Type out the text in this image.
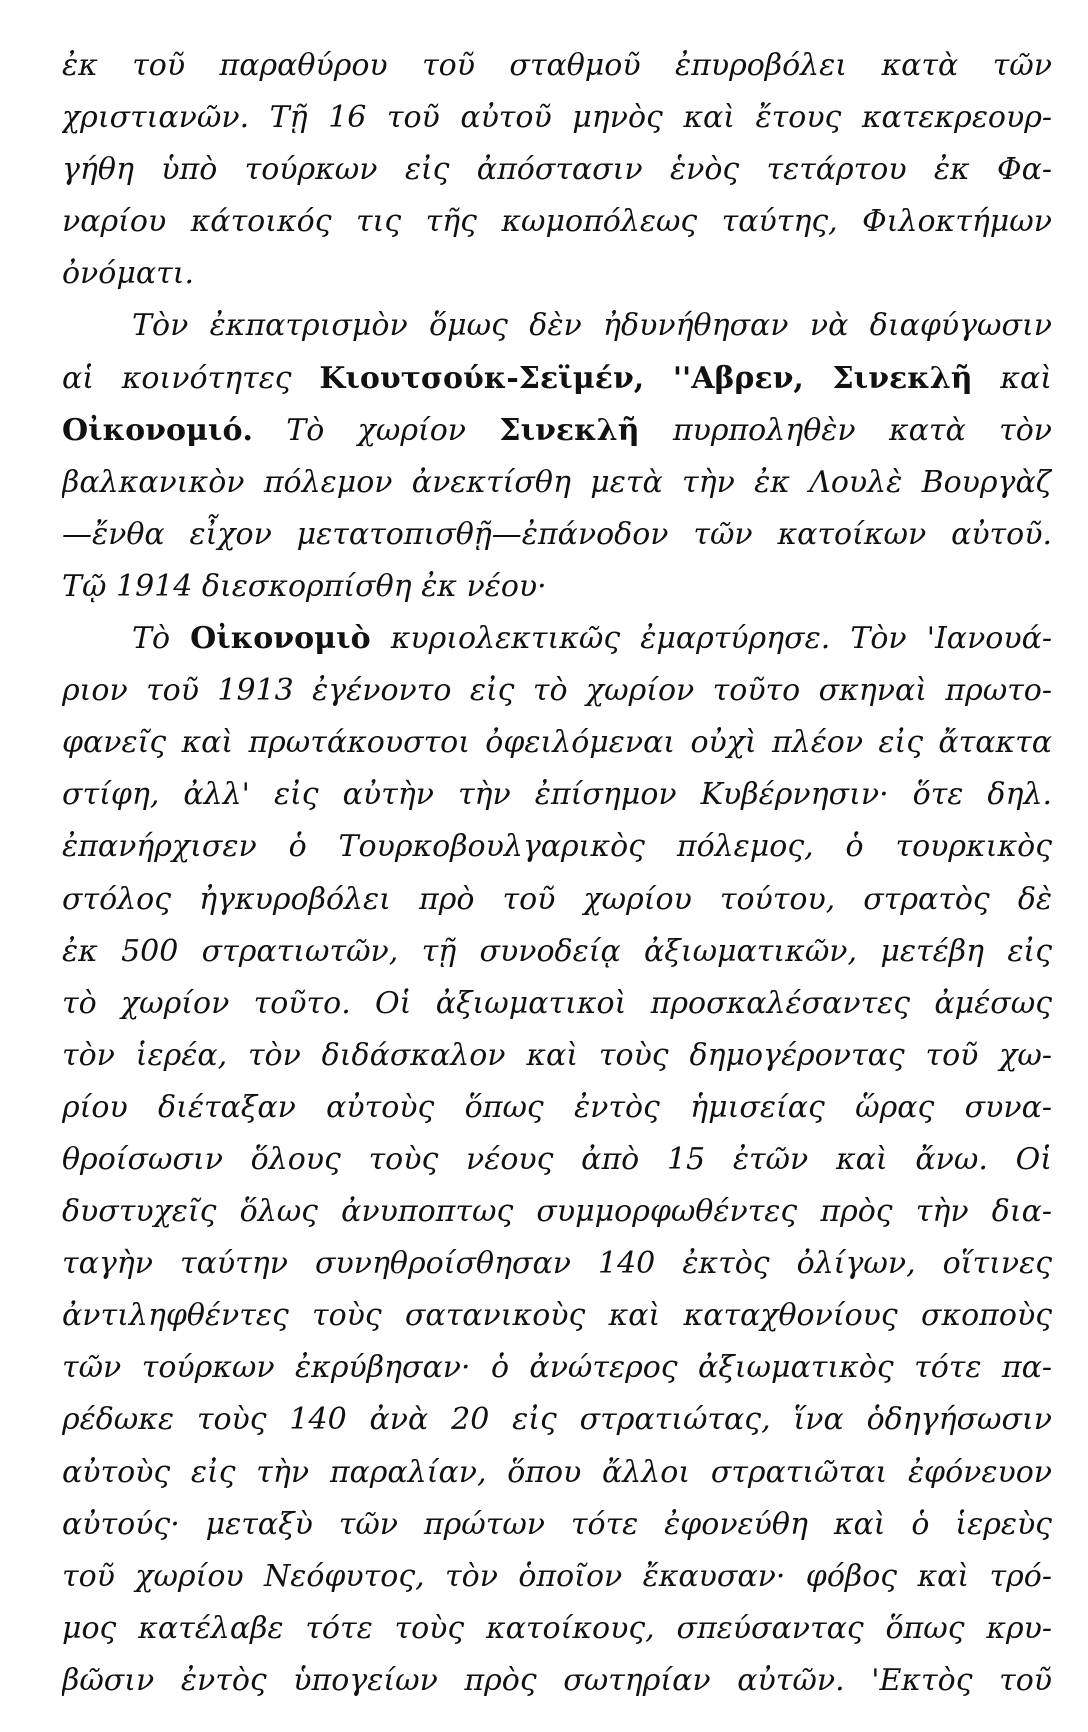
ἐκ τοῦ παραθύρου τοῦ σταθμοῦ ἐπυροβόλει κατὰ τῶν
χριστιανῶν. Τῇ 16 τοῦ αὐτοῦ μηνὸς καὶ ἔτους κατεκρεουρ-
γήθη ὑπὸ τούρκων εἰς ἀπόστασιν ἑνὸς τετάρτου ἐκ Φα-
ναρίου κάτοικός τις τῆς κωμοπόλεως ταύτης, Φιλοκτήμων
ὀνόματι.
Τὸν ἐκπατρισμὸν ὅμως δὲν ἠδυνήθησαν νὰ διαφύγωσιν
αἱ κοινότητες Κιουτσούκ-Σεϊμέν, ''Αβρεν, Σινεκλῆ καὶ
Οἰκονομιό. Τὸ χωρίον Σινεκλῆ πυρποληθὲν κατὰ τὸν
βαλκανικὸν πόλεμον ἀνεκτίσθη μετὰ τὴν ἐκ Λουλὲ Βουργὰζ
—ἔνθα εἶχον μετατοπισθῇ—ἐπάνοδον τῶν κατοίκων αὐτοῦ.
Τῷ 1914 διεσκορπίσθη ἐκ νέου·
Τὸ Οἰκονομιὸ κυριολεκτικῶς ἐμαρτύρησε. Τὸν 'Ιανουά-
ριον τοῦ 1913 ἐγένοντο εἰς τὸ χωρίον τοῦτο σκηναὶ πρωτο-
φανεῖς καὶ πρωτάκουστοι ὀφειλόμεναι οὐχὶ πλέον εἰς ἄτακτα
στίφη, ἀλλ' εἰς αὐτὴν τὴν ἐπίσημον Κυβέρνησιν· ὅτε δηλ.
ἐπανήρχισεν ὁ Τουρκοβουλγαρικὸς πόλεμος, ὁ τουρκικὸς
στόλος ἠγκυροβόλει πρὸ τοῦ χωρίου τούτου, στρατὸς δὲ
ἐκ 500 στρατιωτῶν, τῇ συνοδείᾳ ἀξιωματικῶν, μετέβη εἰς
τὸ χωρίον τοῦτο. Οἱ ἀξιωματικοὶ προσκαλέσαντες ἀμέσως
τὸν ἱερέα, τὸν διδάσκαλον καὶ τοὺς δημογέροντας τοῦ χω-
ρίου διέταξαν αὐτοὺς ὅπως ἐντὸς ἡμισείας ὥρας συνα-
θροίσωσιν ὅλους τοὺς νέους ἀπὸ 15 ἐτῶν καὶ ἄνω. Οἱ
δυστυχεῖς ὅλως ἀνυποπτως συμμορφωθέντες πρὸς τὴν δια-
ταγὴν ταύτην συνηθροίσθησαν 140 ἐκτὸς ὀλίγων, οἵτινες
ἀντιληφθέντες τοὺς σατανικοὺς καὶ καταχθονίους σκοποὺς
τῶν τούρκων ἐκρύβησαν· ὁ ἀνώτερος ἀξιωματικὸς τότε πα-
ρέδωκε τοὺς 140 ἀνὰ 20 εἰς στρατιώτας, ἵνα ὁδηγήσωσιν
αὐτοὺς εἰς τὴν παραλίαν, ὅπου ἄλλοι στρατιῶται ἐφόνευον
αὐτούς· μεταξὺ τῶν πρώτων τότε ἐφονεύθη καὶ ὁ ἱερεὺς
τοῦ χωρίου Νεόφυτος, τὸν ὁποῖον ἔκαυσαν· φόβος καὶ τρό-
μος κατέλαβε τότε τοὺς κατοίκους, σπεύσαντας ὅπως κρυ-
βῶσιν ἐντὸς ὑπογείων πρὸς σωτηρίαν αὐτῶν. 'Εκτὸς τοῦ
